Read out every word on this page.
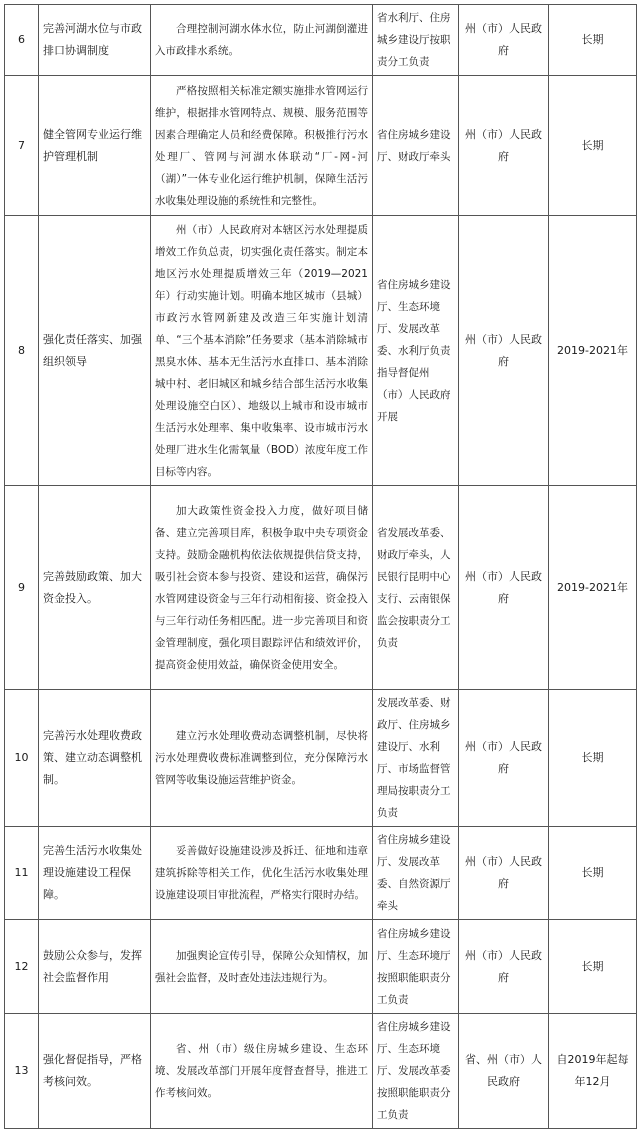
6	完善河湖水位与市政排口协调制度	合理控制河湖水体水位，防止河湖倒灌进入市政排水系统。	省水利厅、住房城乡建设厅按职责分工负责	州（市）人民政府	长期
7	健全管网专业运行维护管理机制	严格按照相关标准定额实施排水管网运行维护，根据排水管网特点、规模、服务范围等因素合理确定人员和经费保障。积极推行污水处理厂、管网与河湖水体联动“厂-网-河（湖）”一体专业化运行维护机制，保障生活污水收集处理设施的系统性和完整性。	省住房城乡建设厅、财政厅牵头	州（市）人民政府	长期
8	强化责任落实、加强组织领导	州（市）人民政府对本辖区污水处理提质增效工作负总责，切实强化责任落实。制定本地区污水处理提质增效三年（2019—2021年）行动实施计划。明确本地区城市（县城）市政污水管网新建及改造三年实施计划清单、“三个基本消除”任务要求（基本消除城市黑臭水体、基本无生活污水直排口、基本消除城中村、老旧城区和城乡结合部生活污水收集处理设施空白区）、地级以上城市和设市城市生活污水处理率、集中收集率、设市城市污水处理厂进水生化需氧量（BOD）浓度年度工作目标等内容。	省住房城乡建设厅、生态环境厅、发展改革委、水利厅负责指导督促州（市）人民政府开展	州（市）人民政府	2019-2021年
9	完善鼓励政策、加大资金投入。	加大政策性资金投入力度，做好项目储备、建立完善项目库，积极争取中央专项资金支持。鼓励金融机构依法依规提供信贷支持，吸引社会资本参与投资、建设和运营，确保污水管网建设资金与三年行动相衔接、资金投入与三年行动任务相匹配。进一步完善项目和资金管理制度，强化项目跟踪评估和绩效评价，提高资金使用效益，确保资金使用安全。	省发展改革委、财政厅牵头，人民银行昆明中心支行、云南银保监会按职责分工负责	州（市）人民政府	2019-2021年
10	完善污水处理收费政策、建立动态调整机制。	建立污水处理收费动态调整机制，尽快将污水处理费收费标准调整到位，充分保障污水管网等收集设施运营维护资金。	发展改革委、财政厅、住房城乡建设厅、水利厅、市场监督管理局按职责分工负责	州（市）人民政府	长期
11	完善生活污水收集处理设施建设工程保障。	妥善做好设施建设涉及拆迁、征地和违章建筑拆除等相关工作，优化生活污水收集处理设施建设项目审批流程，严格实行限时办结。	省住房城乡建设厅、发展改革委、自然资源厅牵头	州（市）人民政府	长期
12	鼓励公众参与，发挥社会监督作用	加强舆论宣传引导，保障公众知情权，加强社会监督，及时查处违法违规行为。	省住房城乡建设厅、生态环境厅按照职能职责分工负责	州（市）人民政府	长期
13	强化督促指导，严格考核问效。	省、州（市）级住房城乡建设、生态环境、发展改革部门开展年度督查督导，推进工作考核问效。	省住房城乡建设厅、生态环境厅、发展改革委按照职能职责分工负责	省、州（市）人民政府	自2019年起每年12月
